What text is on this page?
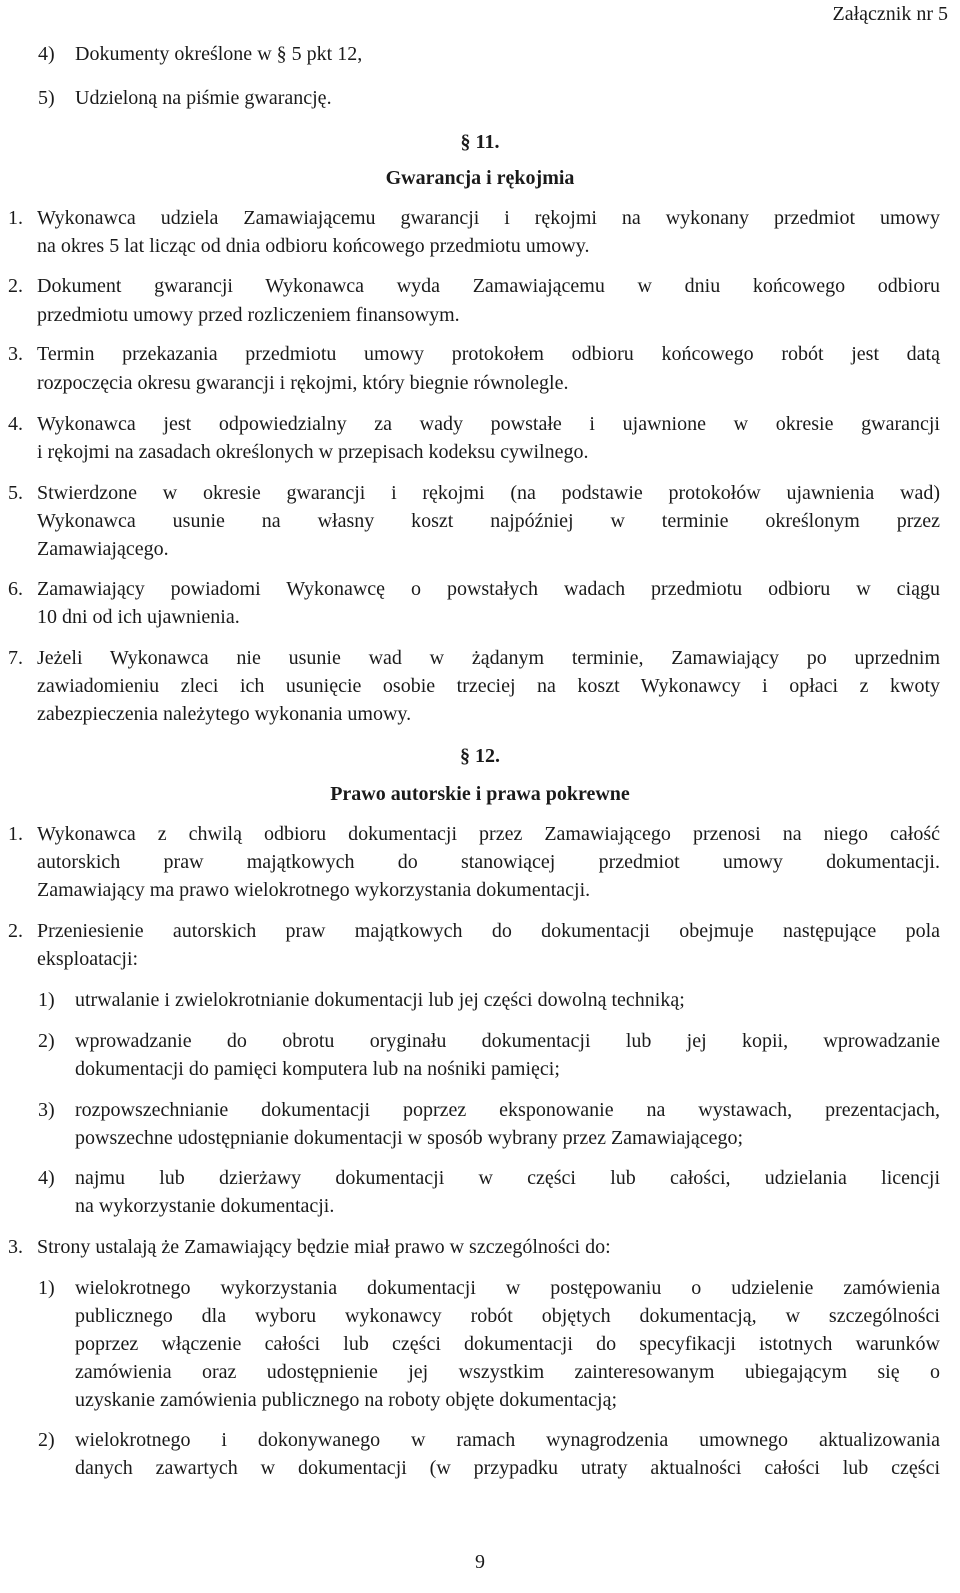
Załącznik nr 5
4) Dokumenty określone w § 5 pkt 12,
5) Udzieloną na piśmie gwarancję.
§ 11.
Gwarancja i rękojmia
1. Wykonawca udziela Zamawiającemu gwarancji i rękojmi na wykonany przedmiot umowy
na okres 5 lat licząc od dnia odbioru końcowego przedmiotu umowy.
2. Dokument gwarancji Wykonawca wyda Zamawiającemu w dniu końcowego odbioru
przedmiotu umowy przed rozliczeniem finansowym.
3. Termin przekazania przedmiotu umowy protokołem odbioru końcowego robót jest datą
rozpoczęcia okresu gwarancji i rękojmi, który biegnie równolegle.
4. Wykonawca jest odpowiedzialny za wady powstałe i ujawnione w okresie gwarancji
i rękojmi na zasadach określonych w przepisach kodeksu cywilnego.
5. Stwierdzone w okresie gwarancji i rękojmi (na podstawie protokołów ujawnienia wad)
Wykonawca usunie na własny koszt najpóźniej w terminie określonym przez
Zamawiającego.
6. Zamawiający powiadomi Wykonawcę o powstałych wadach przedmiotu odbioru w ciągu
10 dni od ich ujawnienia.
7. Jeżeli Wykonawca nie usunie wad w żądanym terminie, Zamawiający po uprzednim
zawiadomieniu zleci ich usunięcie osobie trzeciej na koszt Wykonawcy i opłaci z kwoty
zabezpieczenia należytego wykonania umowy.
§ 12.
Prawo autorskie i prawa pokrewne
1. Wykonawca z chwilą odbioru dokumentacji przez Zamawiającego przenosi na niego całość
autorskich praw majątkowych do stanowiącej przedmiot umowy dokumentacji.
Zamawiający ma prawo wielokrotnego wykorzystania dokumentacji.
2. Przeniesienie autorskich praw majątkowych do dokumentacji obejmuje następujące pola
eksploatacji:
1) utrwalanie i zwielokrotnianie dokumentacji lub jej części dowolną techniką;
2) wprowadzanie do obrotu oryginału dokumentacji lub jej kopii, wprowadzanie
dokumentacji do pamięci komputera lub na nośniki pamięci;
3) rozpowszechnianie dokumentacji poprzez eksponowanie na wystawach, prezentacjach,
powszechne udostępnianie dokumentacji w sposób wybrany przez Zamawiającego;
4) najmu lub dzierżawy dokumentacji w części lub całości, udzielania licencji
na wykorzystanie dokumentacji.
3. Strony ustalają że Zamawiający będzie miał prawo w szczególności do:
1) wielokrotnego wykorzystania dokumentacji w postępowaniu o udzielenie zamówienia
publicznego dla wyboru wykonawcy robót objętych dokumentacją, w szczególności
poprzez włączenie całości lub części dokumentacji do specyfikacji istotnych warunków
zamówienia oraz udostępnienie jej wszystkim zainteresowanym ubiegającym się o
uzyskanie zamówienia publicznego na roboty objęte dokumentacją;
2) wielokrotnego i dokonywanego w ramach wynagrodzenia umownego aktualizowania
danych zawartych w dokumentacji (w przypadku utraty aktualności całości lub części
9
